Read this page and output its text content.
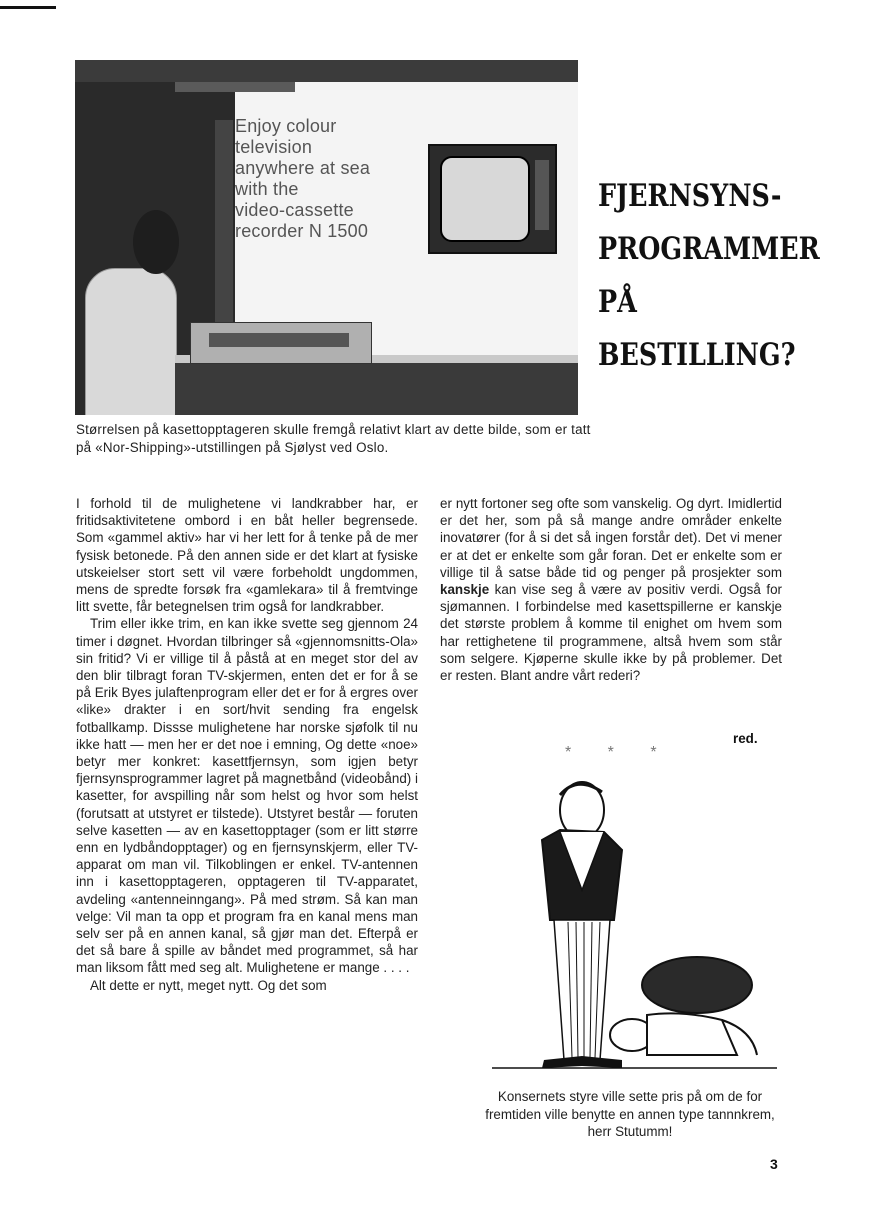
Enjoy colour
television
anywhere at sea
with the
video-cassette
recorder N 1500
Størrelsen på kasettopptageren skulle fremgå relativt klart av dette bilde, som er tatt på «Nor-Shipping»-utstillingen på Sjølyst ved Oslo.
FJERNSYNS-
PROGRAMMER
PÅ
BESTILLING?

I forhold til de mulighetene vi landkrabber har, er fritidsaktivitetene ombord i en båt heller begrensede. Som «gammel aktiv» har vi her lett for å tenke på de mer fysisk betonede. På den annen side er det klart at fysiske utskeielser stort sett vil være forbeholdt ungdommen, mens de spredte forsøk fra «gamlekara» til å fremtvinge litt svette, får betegnelsen trim også for landkrabber.

Trim eller ikke trim, en kan ikke svette seg gjennom 24 timer i døgnet. Hvordan tilbringer så «gjennomsnitts-Ola» sin fritid? Vi er villige til å påstå at en meget stor del av den blir tilbragt foran TV-skjermen, enten det er for å se på Erik Byes julaftenprogram eller det er for å ergres over «like» drakter i en sort/hvit sending fra engelsk fotballkamp. Dissse mulighetene har norske sjøfolk til nu ikke hatt — men her er det noe i emning, Og dette «noe» betyr mer konkret: kasettfjernsyn, som igjen betyr fjernsynsprogrammer lagret på magnetbånd (videobånd) i kasetter, for avspilling når som helst og hvor som helst (forutsatt at utstyret er tilstede). Utstyret består — foruten selve kasetten — av en kasettopptager (som er litt større enn en lydbåndopptager) og en fjernsynskjerm, eller TV-apparat om man vil. Tilkoblingen er enkel. TV-antennen inn i kasettopptageren, opptageren til TV-apparatet, avdeling «antenneinngang». På med strøm. Så kan man velge: Vil man ta opp et program fra en kanal mens man selv ser på en annen kanal, så gjør man det. Efterpå er det så bare å spille av båndet med programmet, så har man liksom fått med seg alt. Mulighetene er mange . . . .

Alt dette er nytt, meget nytt. Og det som

er nytt fortoner seg ofte som vanskelig. Og dyrt. Imidlertid er det her, som på så mange andre områder enkelte inovatører (for å si det så ingen forstår det). Det vi mener er at det er enkelte som går foran. Det er enkelte som er villige til å satse både tid og penger på prosjekter som kanskje kan vise seg å være av positiv verdi. Også for sjømannen. I forbindelse med kasettspillerne er kanskje det største problem å komme til enighet om hvem som har rettighetene til programmene, altså hvem som står som selgere. Kjøperne skulle ikke by på problemer. Det er resten. Blant andre vårt rederi?

red.
* * *
Konsernets styre ville sette pris på om de for fremtiden ville benytte en annen type tannnkrem, herr Stutumm!
3
